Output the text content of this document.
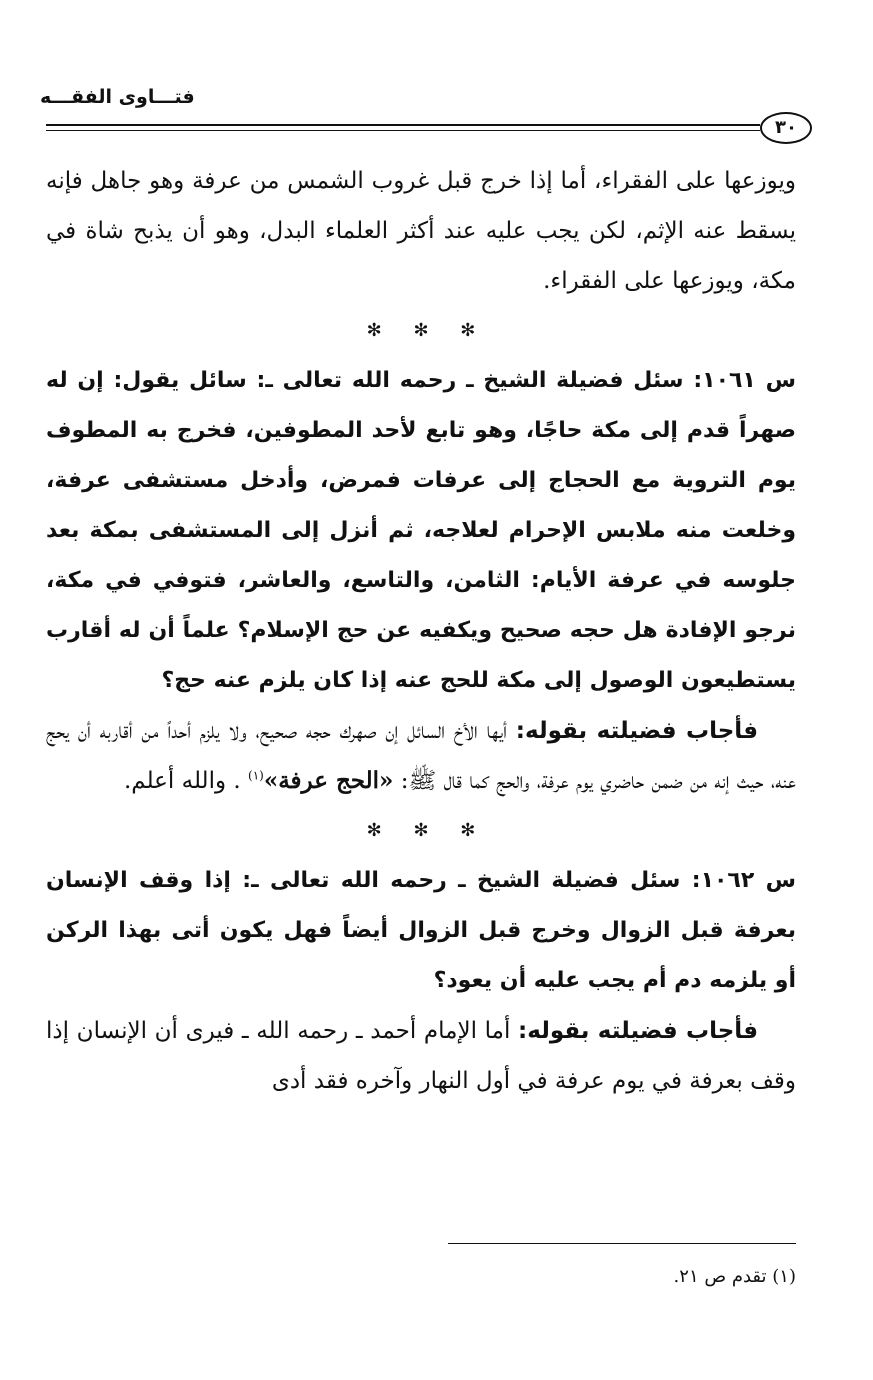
فتـــاوى الفقـــه
٣٠

ويوزعها على الفقراء، أما إذا خرج قبل غروب الشمس من عرفة وهو جاهل فإنه يسقط عنه الإثم، لكن يجب عليه عند أكثر العلماء البدل، وهو أن يذبح شاة في مكة، ويوزعها على الفقراء.

✻ ✻ ✻

س ١٠٦١: سئل فضيلة الشيخ ـ رحمه الله تعالى ـ: سائل يقول: إن له صهراً قدم إلى مكة حاجًا، وهو تابع لأحد المطوفين، فخرج به المطوف يوم التروية مع الحجاج إلى عرفات فمرض، وأدخل مستشفى عرفة، وخلعت منه ملابس الإحرام لعلاجه، ثم أنزل إلى المستشفى بمكة بعد جلوسه في عرفة الأيام: الثامن، والتاسع، والعاشر، فتوفي في مكة، نرجو الإفادة هل حجه صحيح ويكفيه عن حج الإسلام؟ علماً أن له أقارب يستطيعون الوصول إلى مكة للحج عنه إذا كان يلزم عنه حج؟

فأجاب فضيلته بقوله: أيها الأخ السائل إن صهرك حجه صحيح، ولا يلزم أحداً من أقاربه أن يحج عنه، حيث إنه من ضمن حاضري يوم عرفة، والحج كما قال ﷺ: «الحج عرفة»$^{(١)}$ . والله أعلم.

✻ ✻ ✻

س ١٠٦٢: سئل فضيلة الشيخ ـ رحمه الله تعالى ـ: إذا وقف الإنسان بعرفة قبل الزوال وخرج قبل الزوال أيضاً فهل يكون أتى بهذا الركن أو يلزمه دم أم يجب عليه أن يعود؟

فأجاب فضيلته بقوله: أما الإمام أحمد ـ رحمه الله ـ فيرى أن الإنسان إذا وقف بعرفة في يوم عرفة في أول النهار وآخره فقد أدى

(١) تقدم ص ٢١.
